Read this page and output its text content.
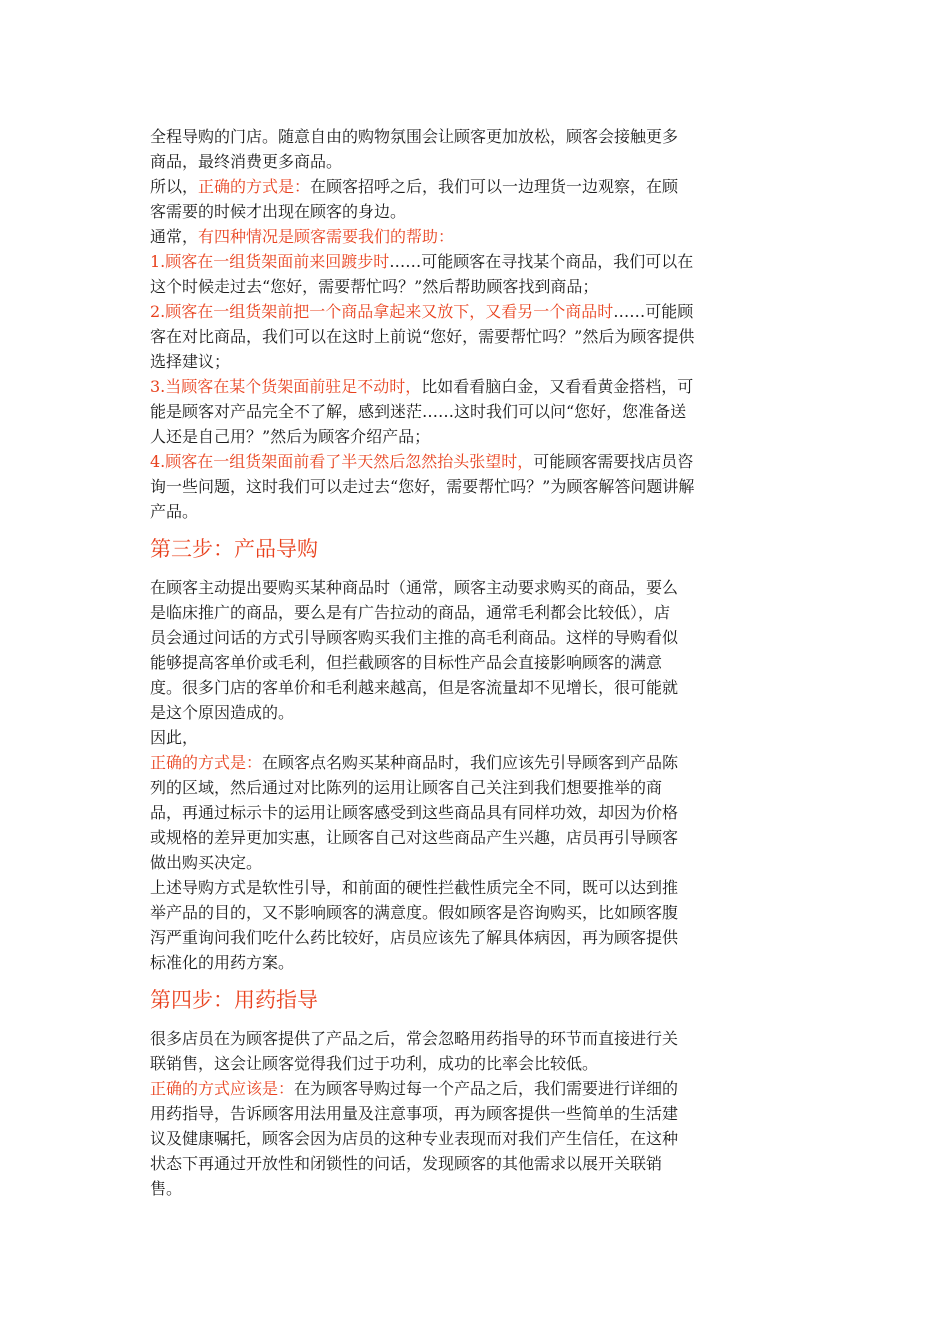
全程导购的门店。随意自由的购物氛围会让顾客更加放松，顾客会接触更多
商品，最终消费更多商品。
所以，正确的方式是：在顾客招呼之后，我们可以一边理货一边观察，在顾
客需要的时候才出现在顾客的身边。
通常，有四种情况是顾客需要我们的帮助：
1.顾客在一组货架面前来回踱步时……可能顾客在寻找某个商品，我们可以在
这个时候走过去“您好，需要帮忙吗？”然后帮助顾客找到商品；
2.顾客在一组货架前把一个商品拿起来又放下，又看另一个商品时……可能顾
客在对比商品，我们可以在这时上前说“您好，需要帮忙吗？”然后为顾客提供
选择建议；
3.当顾客在某个货架面前驻足不动时，比如看看脑白金，又看看黄金搭档，可
能是顾客对产品完全不了解，感到迷茫……这时我们可以问“您好，您准备送
人还是自己用？”然后为顾客介绍产品；
4.顾客在一组货架面前看了半天然后忽然抬头张望时，可能顾客需要找店员咨
询一些问题，这时我们可以走过去“您好，需要帮忙吗？”为顾客解答问题讲解
产品。
第三步：产品导购
在顾客主动提出要购买某种商品时（通常，顾客主动要求购买的商品，要么
是临床推广的商品，要么是有广告拉动的商品，通常毛利都会比较低），店
员会通过问话的方式引导顾客购买我们主推的高毛利商品。这样的导购看似
能够提高客单价或毛利，但拦截顾客的目标性产品会直接影响顾客的满意
度。很多门店的客单价和毛利越来越高，但是客流量却不见增长，很可能就
是这个原因造成的。
因此，
正确的方式是：在顾客点名购买某种商品时，我们应该先引导顾客到产品陈
列的区域，然后通过对比陈列的运用让顾客自己关注到我们想要推举的商
品，再通过标示卡的运用让顾客感受到这些商品具有同样功效，却因为价格
或规格的差异更加实惠，让顾客自己对这些商品产生兴趣，店员再引导顾客
做出购买决定。
上述导购方式是软性引导，和前面的硬性拦截性质完全不同，既可以达到推
举产品的目的，又不影响顾客的满意度。假如顾客是咨询购买，比如顾客腹
泻严重询问我们吃什么药比较好，店员应该先了解具体病因，再为顾客提供
标准化的用药方案。
第四步：用药指导
很多店员在为顾客提供了产品之后，常会忽略用药指导的环节而直接进行关
联销售，这会让顾客觉得我们过于功利，成功的比率会比较低。
正确的方式应该是：在为顾客导购过每一个产品之后，我们需要进行详细的
用药指导，告诉顾客用法用量及注意事项，再为顾客提供一些简单的生活建
议及健康嘱托，顾客会因为店员的这种专业表现而对我们产生信任，在这种
状态下再通过开放性和闭锁性的问话，发现顾客的其他需求以展开关联销
售。
